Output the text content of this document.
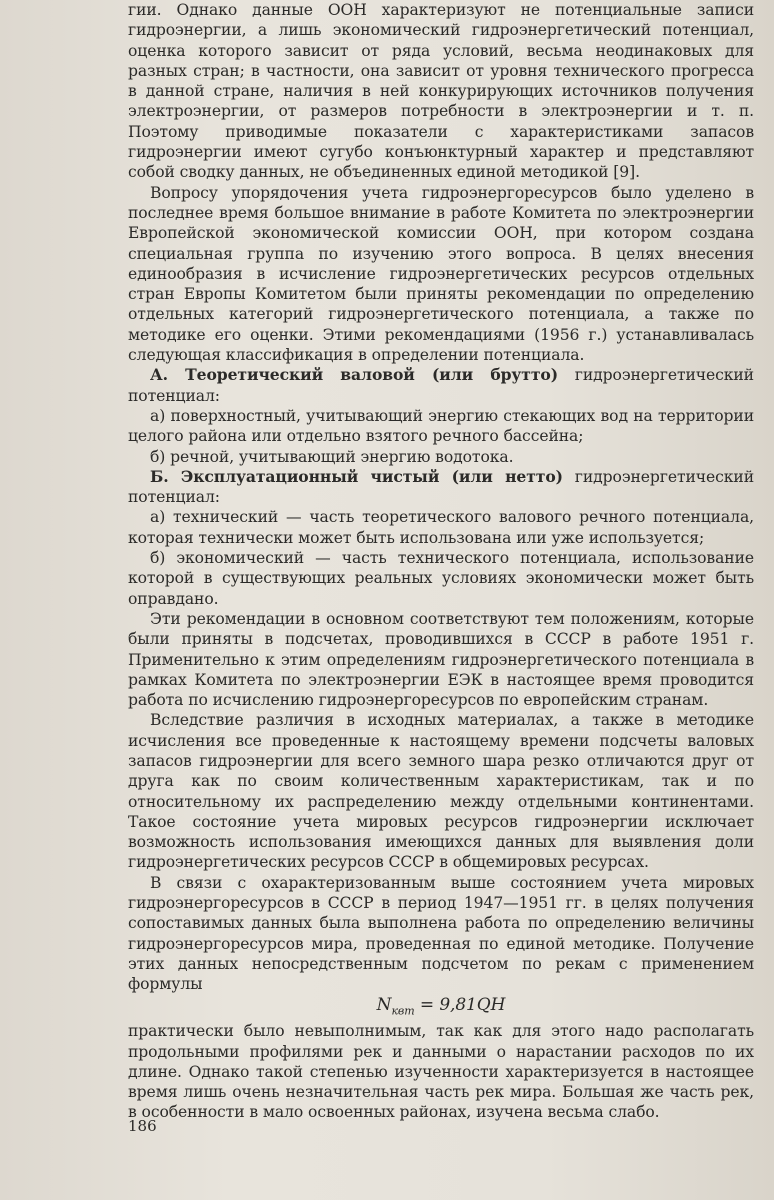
гии. Однако данные ООН характеризуют не потенциальные записи гидроэнергии, а лишь экономический гидроэнергетический потенциал, оценка которого зависит от ряда условий, весьма неодинаковых для разных стран; в частности, она зависит от уровня технического прогресса в данной стране, наличия в ней конкурирующих источников получения электроэнергии, от размеров потребности в электроэнергии и т. п. Поэтому приводимые показатели с характеристиками запасов гидроэнергии имеют сугубо конъюнктурный характер и представляют собой сводку данных, не объединенных единой методикой [9].

Вопросу упорядочения учета гидроэнергоресурсов было уделено в последнее время большое внимание в работе Комитета по электроэнергии Европейской экономической комиссии ООН, при котором создана специальная группа по изучению этого вопроса. В целях внесения единообразия в исчисление гидроэнергетических ресурсов отдельных стран Европы Комитетом были приняты рекомендации по определению отдельных категорий гидроэнергетического потенциала, а также по методике его оценки. Этими рекомендациями (1956 г.) устанавливалась следующая классификация в определении потенциала.

А. Теоретический валовой (или брутто) гидроэнергетический потенциал:

а) поверхностный, учитывающий энергию стекающих вод на территории целого района или отдельно взятого речного бассейна;

б) речной, учитывающий энергию водотока.

Б. Эксплуатационный чистый (или нетто) гидроэнергетический потенциал:

а) технический — часть теоретического валового речного потенциала, которая технически может быть использована или уже используется;

б) экономический — часть технического потенциала, использование которой в существующих реальных условиях экономически может быть оправдано.

Эти рекомендации в основном соответствуют тем положениям, которые были приняты в подсчетах, проводившихся в СССР в работе 1951 г. Применительно к этим определениям гидроэнергетического потенциала в рамках Комитета по электроэнергии ЕЭК в настоящее время проводится работа по исчислению гидроэнергоресурсов по европейским странам.

Вследствие различия в исходных материалах, а также в методике исчисления все проведенные к настоящему времени подсчеты валовых запасов гидроэнергии для всего земного шара резко отличаются друг от друга как по своим количественным характеристикам, так и по относительному их распределению между отдельными континентами. Такое состояние учета мировых ресурсов гидроэнергии исключает возможность использования имеющихся данных для выявления доли гидроэнергетических ресурсов СССР в общемировых ресурсах.

В связи с охарактеризованным выше состоянием учета мировых гидроэнергоресурсов в СССР в период 1947—1951 гг. в целях получения сопоставимых данных была выполнена работа по определению величины гидроэнергоресурсов мира, проведенная по единой методике. Получение этих данных непосредственным подсчетом по рекам с применением формулы

$N_{квт} = 9,81QH$

практически было невыполнимым, так как для этого надо располагать продольными профилями рек и данными о нарастании расходов по их длине. Однако такой степенью изученности характеризуется в настоящее время лишь очень незначительная часть рек мира. Большая же часть рек, в особенности в мало освоенных районах, изучена весьма слабо.

186
